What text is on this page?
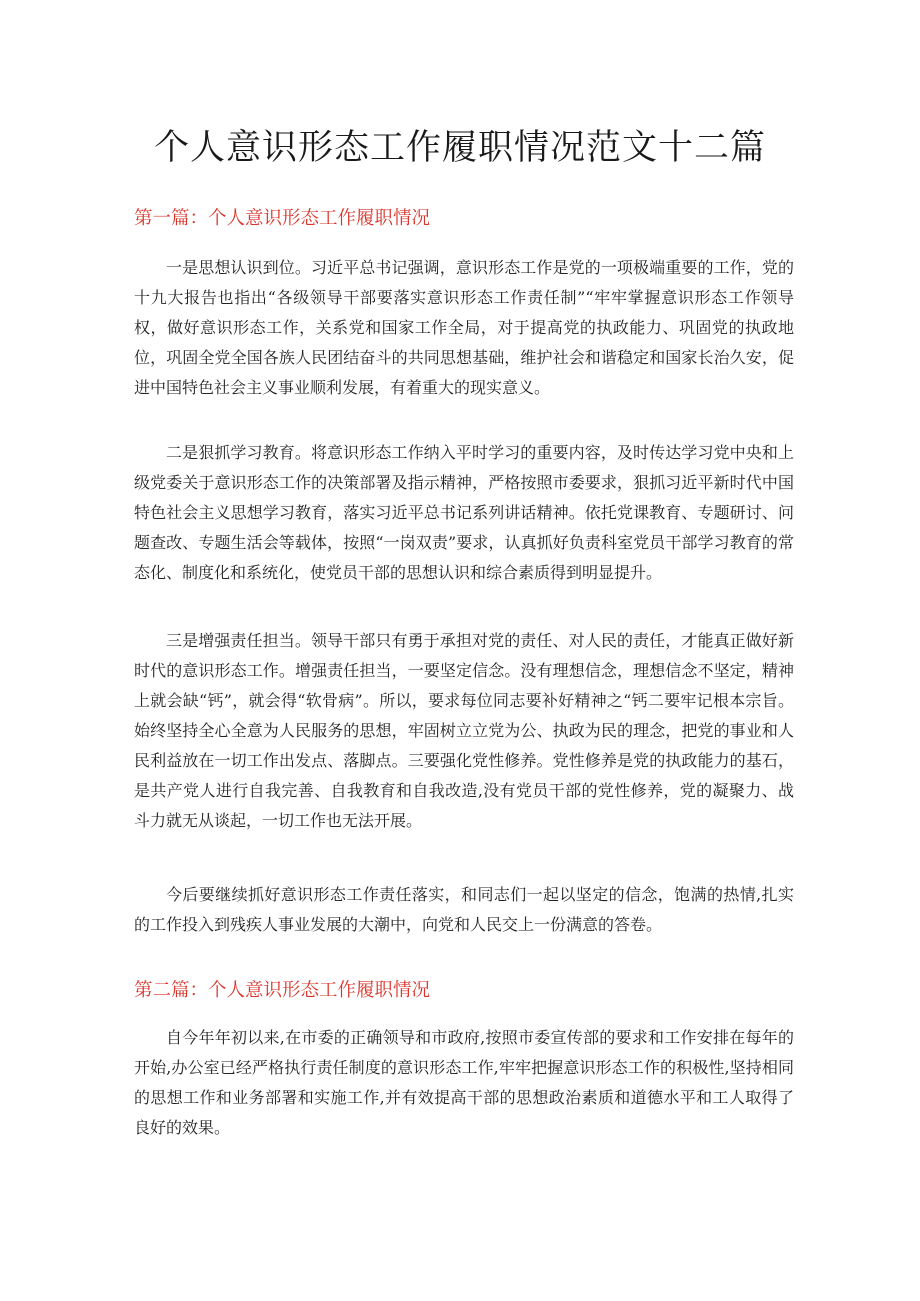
个人意识形态工作履职情况范文十二篇
第一篇：个人意识形态工作履职情况

一是思想认识到位。习近平总书记强调，意识形态工作是党的一项极端重要的工作，党的十九大报告也指出“各级领导干部要落实意识形态工作责任制”“牢牢掌握意识形态工作领导权，做好意识形态工作，关系党和国家工作全局，对于提高党的执政能力、巩固党的执政地位，巩固全党全国各族人民团结奋斗的共同思想基础，维护社会和谐稳定和国家长治久安，促进中国特色社会主义事业顺利发展，有着重大的现实意义。

二是狠抓学习教育。将意识形态工作纳入平时学习的重要内容，及时传达学习党中央和上级党委关于意识形态工作的决策部署及指示精神，严格按照市委要求，狠抓习近平新时代中国特色社会主义思想学习教育，落实习近平总书记系列讲话精神。依托党课教育、专题研讨、问题查改、专题生活会等载体，按照“一岗双责”要求，认真抓好负责科室党员干部学习教育的常态化、制度化和系统化，使党员干部的思想认识和综合素质得到明显提升。

三是增强责任担当。领导干部只有勇于承担对党的责任、对人民的责任，才能真正做好新时代的意识形态工作。增强责任担当，一要坚定信念。没有理想信念，理想信念不坚定，精神上就会缺“钙”，就会得“软骨病”。所以，要求每位同志要补好精神之“钙二要牢记根本宗旨。始终坚持全心全意为人民服务的思想，牢固树立立党为公、执政为民的理念，把党的事业和人民利益放在一切工作出发点、落脚点。三要强化党性修养。党性修养是党的执政能力的基石，是共产党人进行自我完善、自我教育和自我改造,没有党员干部的党性修养，党的凝聚力、战斗力就无从谈起，一切工作也无法开展。

今后要继续抓好意识形态工作责任落实，和同志们一起以坚定的信念，饱满的热情,扎实的工作投入到残疾人事业发展的大潮中，向党和人民交上一份满意的答卷。

第二篇：个人意识形态工作履职情况

自今年年初以来,在市委的正确领导和市政府,按照市委宣传部的要求和工作安排在每年的开始,办公室已经严格执行责任制度的意识形态工作,牢牢把握意识形态工作的积极性,坚持相同的思想工作和业务部署和实施工作,并有效提高干部的思想政治素质和道德水平和工人取得了良好的效果。
